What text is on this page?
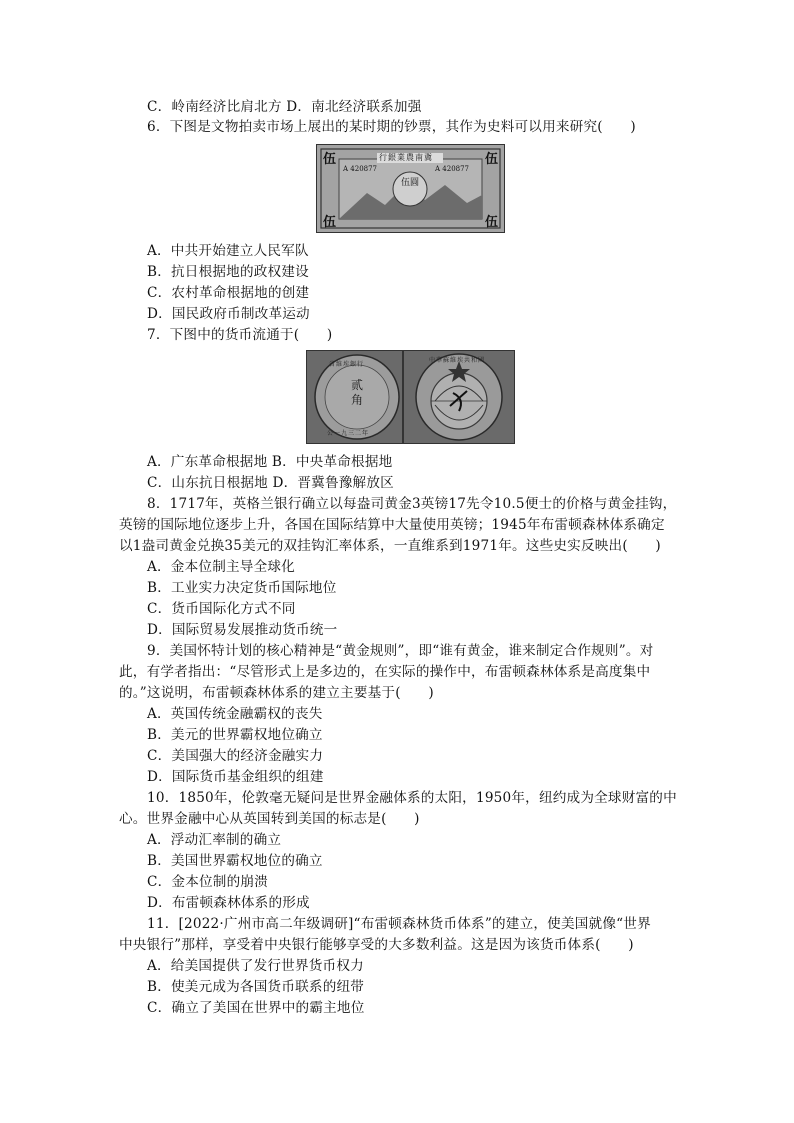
C．岭南经济比肩北方 D．南北经济联系加强
6．下图是文物拍卖市场上展出的某时期的钞票，其作为史料可以用来研究(　　)
伍	伍
伍	伍
行銀業農南冀
A 420877	A 420877
伍圓
A．中共开始建立人民军队
B．抗日根据地的政权建设
C．农村革命根据地的创建
D．国民政府币制改革运动
7．下图中的货币流通于(　　)
贰角
省維埃銀行
公一九三二年
中華蘇維埃共和國
A．广东革命根据地 B．中央革命根据地
C．山东抗日根据地 D．晋冀鲁豫解放区
8．1717年，英格兰银行确立以每盎司黄金3英镑17先令10.5便士的价格与黄金挂钩，
英镑的国际地位逐步上升，各国在国际结算中大量使用英镑；1945年布雷顿森林体系确定
以1盎司黄金兑换35美元的双挂钩汇率体系，一直维系到1971年。这些史实反映出(　　)
A．金本位制主导全球化
B．工业实力决定货币国际地位
C．货币国际化方式不同
D．国际贸易发展推动货币统一
9．美国怀特计划的核心精神是“黄金规则”，即“谁有黄金，谁来制定合作规则”。对
此，有学者指出：“尽管形式上是多边的，在实际的操作中，布雷顿森林体系是高度集中
的。”这说明，布雷顿森林体系的建立主要基于(　　)
A．英国传统金融霸权的丧失
B．美元的世界霸权地位确立
C．美国强大的经济金融实力
D．国际货币基金组织的组建
10．1850年，伦敦毫无疑问是世界金融体系的太阳，1950年，纽约成为全球财富的中
心。世界金融中心从英国转到美国的标志是(　　)
A．浮动汇率制的确立
B．美国世界霸权地位的确立
C．金本位制的崩溃
D．布雷顿森林体系的形成
11．[2022·广州市高二年级调研]“布雷顿森林货币体系”的建立，使美国就像“世界
中央银行”那样，享受着中央银行能够享受的大多数利益。这是因为该货币体系(　　)
A．给美国提供了发行世界货币权力
B．使美元成为各国货币联系的纽带
C．确立了美国在世界中的霸主地位
